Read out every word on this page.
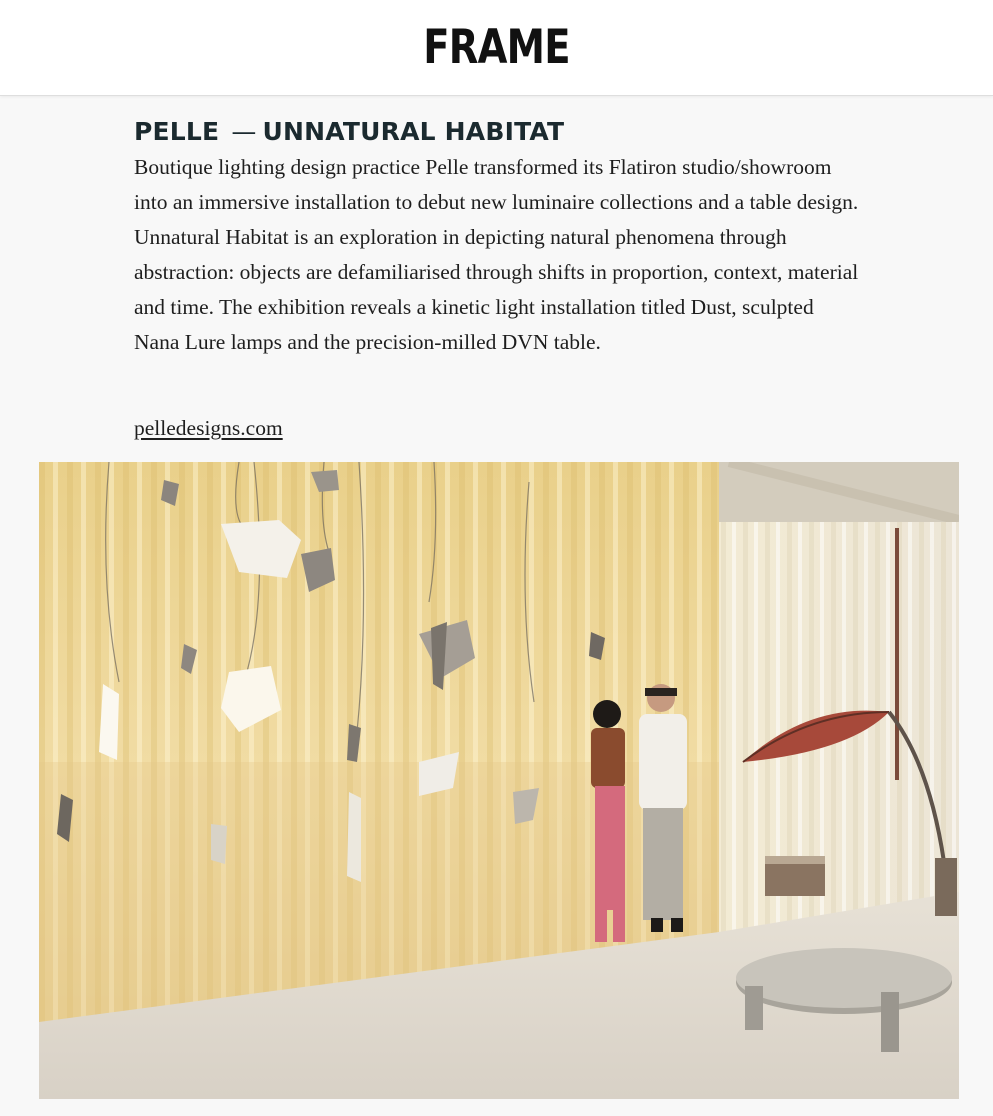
FRAME
PELLE — UNNATURAL HABITAT

Boutique lighting design practice Pelle transformed its Flatiron studio/showroom into an immersive installation to debut new luminaire collections and a table design. Unnatural Habitat is an exploration in depicting natural phenomena through abstraction: objects are defamiliarised through shifts in proportion, context, material and time. The exhibition reveals a kinetic light installation titled Dust, sculpted Nana Lure lamps and the precision-milled DVN table.

pelledesigns.com
